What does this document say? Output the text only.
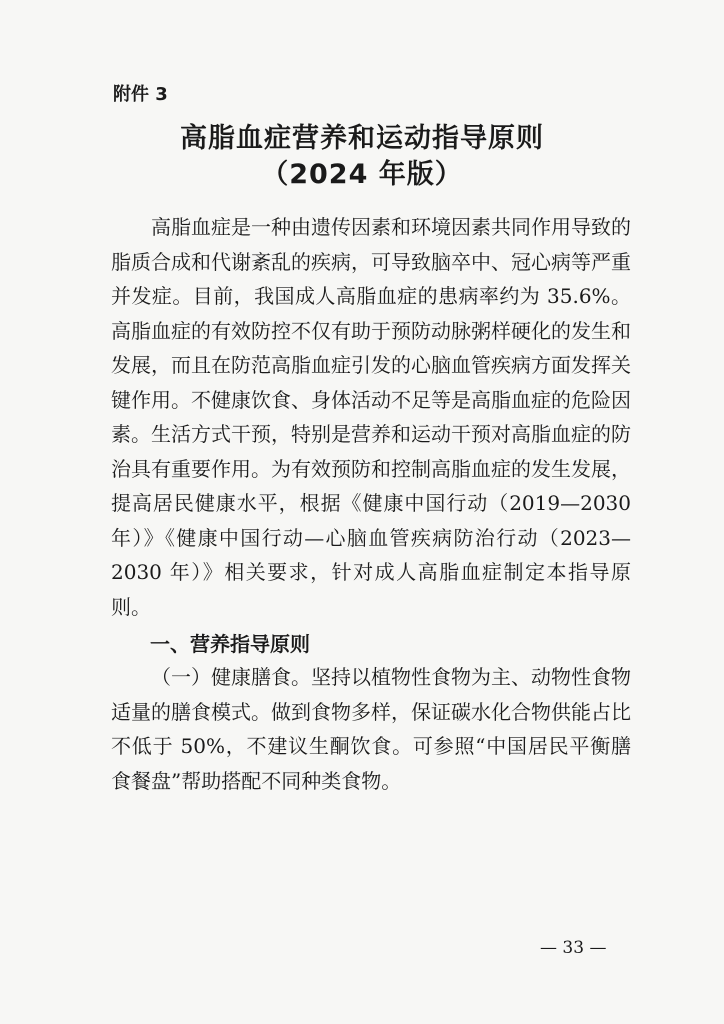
附件 3
高脂血症营养和运动指导原则
（2024 年版）

高脂血症是一种由遗传因素和环境因素共同作用导致的脂质合成和代谢紊乱的疾病，可导致脑卒中、冠心病等严重并发症。目前，我国成人高脂血症的患病率约为 35.6%。高脂血症的有效防控不仅有助于预防动脉粥样硬化的发生和发展，而且在防范高脂血症引发的心脑血管疾病方面发挥关键作用。不健康饮食、身体活动不足等是高脂血症的危险因素。生活方式干预，特别是营养和运动干预对高脂血症的防治具有重要作用。为有效预防和控制高脂血症的发生发展，提高居民健康水平，根据《健康中国行动（2019—2030 年）》《健康中国行动—心脑血管疾病防治行动（2023—2030 年）》相关要求，针对成人高脂血症制定本指导原则。

一、营养指导原则

（一）健康膳食。坚持以植物性食物为主、动物性食物适量的膳食模式。做到食物多样，保证碳水化合物供能占比不低于 50%，不建议生酮饮食。可参照“中国居民平衡膳食餐盘”帮助搭配不同种类食物。

— 33 —
